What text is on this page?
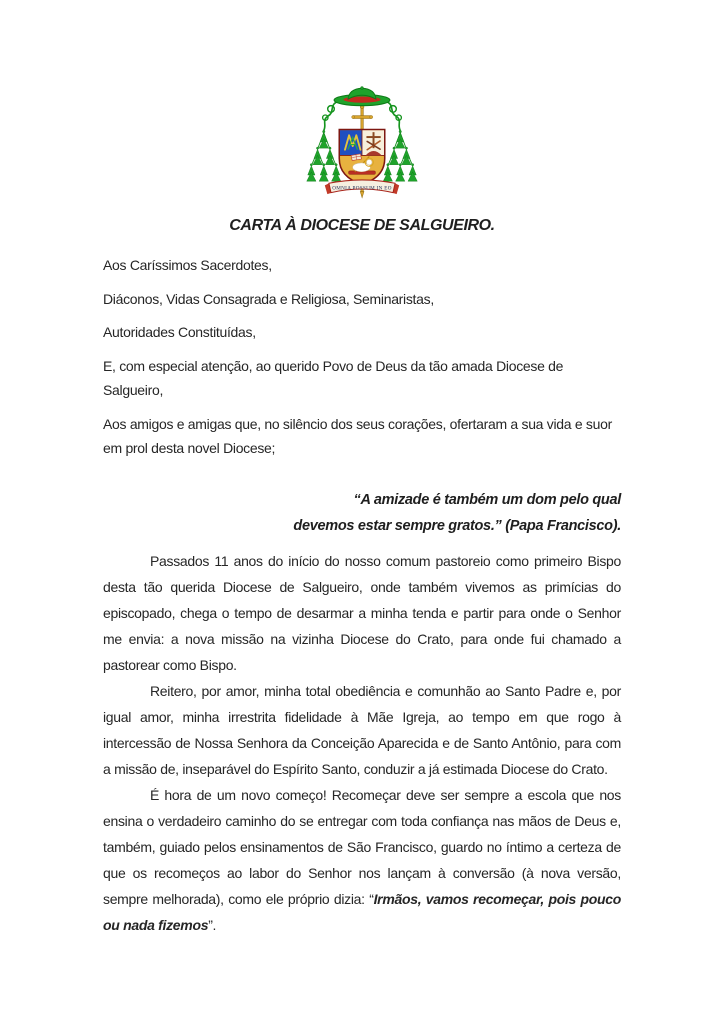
OMNIA POSSUM IN EO
CARTA À DIOCESE DE SALGUEIRO.

Aos Caríssimos Sacerdotes,

Diáconos, Vidas Consagrada e Religiosa, Seminaristas,

Autoridades Constituídas,

E, com especial atenção, ao querido Povo de Deus da tão amada Diocese de Salgueiro,

Aos amigos e amigas que, no silêncio dos seus corações, ofertaram a sua vida e suor em prol desta novel Diocese;

“A amizade é também um dom pelo qual
devemos estar sempre gratos.” (Papa Francisco).

Passados 11 anos do início do nosso comum pastoreio como primeiro Bispo desta tão querida Diocese de Salgueiro, onde também vivemos as primícias do episcopado, chega o tempo de desarmar a minha tenda e partir para onde o Senhor me envia: a nova missão na vizinha Diocese do Crato, para onde fui chamado a pastorear como Bispo.

Reitero, por amor, minha total obediência e comunhão ao Santo Padre e, por igual amor, minha irrestrita fidelidade à Mãe Igreja, ao tempo em que rogo à intercessão de Nossa Senhora da Conceição Aparecida e de Santo Antônio, para com a missão de, inseparável do Espírito Santo, conduzir a já estimada Diocese do Crato.

É hora de um novo começo! Recomeçar deve ser sempre a escola que nos ensina o verdadeiro caminho do se entregar com toda confiança nas mãos de Deus e, também, guiado pelos ensinamentos de São Francisco, guardo no íntimo a certeza de que os recomeços ao labor do Senhor nos lançam à conversão (à nova versão, sempre melhorada), como ele próprio dizia: “Irmãos, vamos recomeçar, pois pouco ou nada fizemos”.
